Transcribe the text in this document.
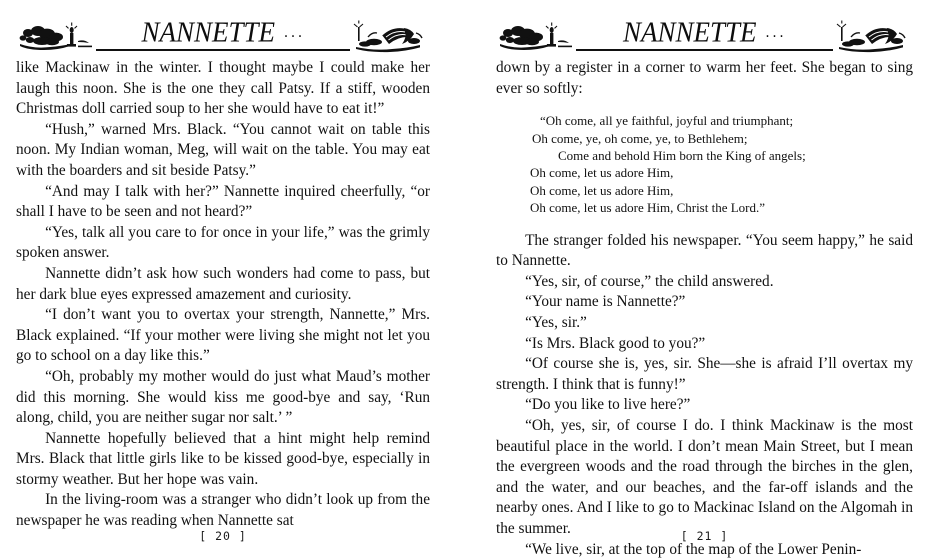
NANNETTE ···

like Mackinaw in the winter. I thought maybe I could make her laugh this noon. She is the one they call Patsy. If a stiff, wooden Christmas doll carried soup to her she would have to eat it!”

“Hush,” warned Mrs. Black. “You cannot wait on table this noon. My Indian woman, Meg, will wait on the table. You may eat with the boarders and sit beside Patsy.”

“And may I talk with her?” Nannette inquired cheerfully, “or shall I have to be seen and not heard?”

“Yes, talk all you care to for once in your life,” was the grimly spoken answer.

Nannette didn’t ask how such wonders had come to pass, but her dark blue eyes expressed amazement and curiosity.

“I don’t want you to overtax your strength, Nannette,” Mrs. Black explained. “If your mother were living she might not let you go to school on a day like this.”

“Oh, probably my mother would do just what Maud’s mother did this morning. She would kiss me good-bye and say, ‘Run along, child, you are neither sugar nor salt.’ ”

Nannette hopefully believed that a hint might help remind Mrs. Black that little girls like to be kissed good-bye, especially in stormy weather. But her hope was vain.

In the living-room was a stranger who didn’t look up from the newspaper he was reading when Nannette sat

[ 20 ]
NANNETTE ···

down by a register in a corner to warm her feet. She began to sing ever so softly:

“Oh come, all ye faithful, joyful and triumphant;
Oh come, ye, oh come, ye, to Bethlehem;
Come and behold Him born the King of angels;
Oh come, let us adore Him,
Oh come, let us adore Him,
Oh come, let us adore Him, Christ the Lord.”

The stranger folded his newspaper. “You seem happy,” he said to Nannette.

“Yes, sir, of course,” the child answered.

“Your name is Nannette?”

“Yes, sir.”

“Is Mrs. Black good to you?”

“Of course she is, yes, sir. She—she is afraid I’ll overtax my strength. I think that is funny!”

“Do you like to live here?”

“Oh, yes, sir, of course I do. I think Mackinaw is the most beautiful place in the world. I don’t mean Main Street, but I mean the evergreen woods and the road through the birches in the glen, and the water, and our beaches, and the far-off islands and the nearby ones. And I like to go to Mackinac Island on the Algomah in the summer.

“We live, sir, at the top of the map of the Lower Penin-

[ 21 ]
